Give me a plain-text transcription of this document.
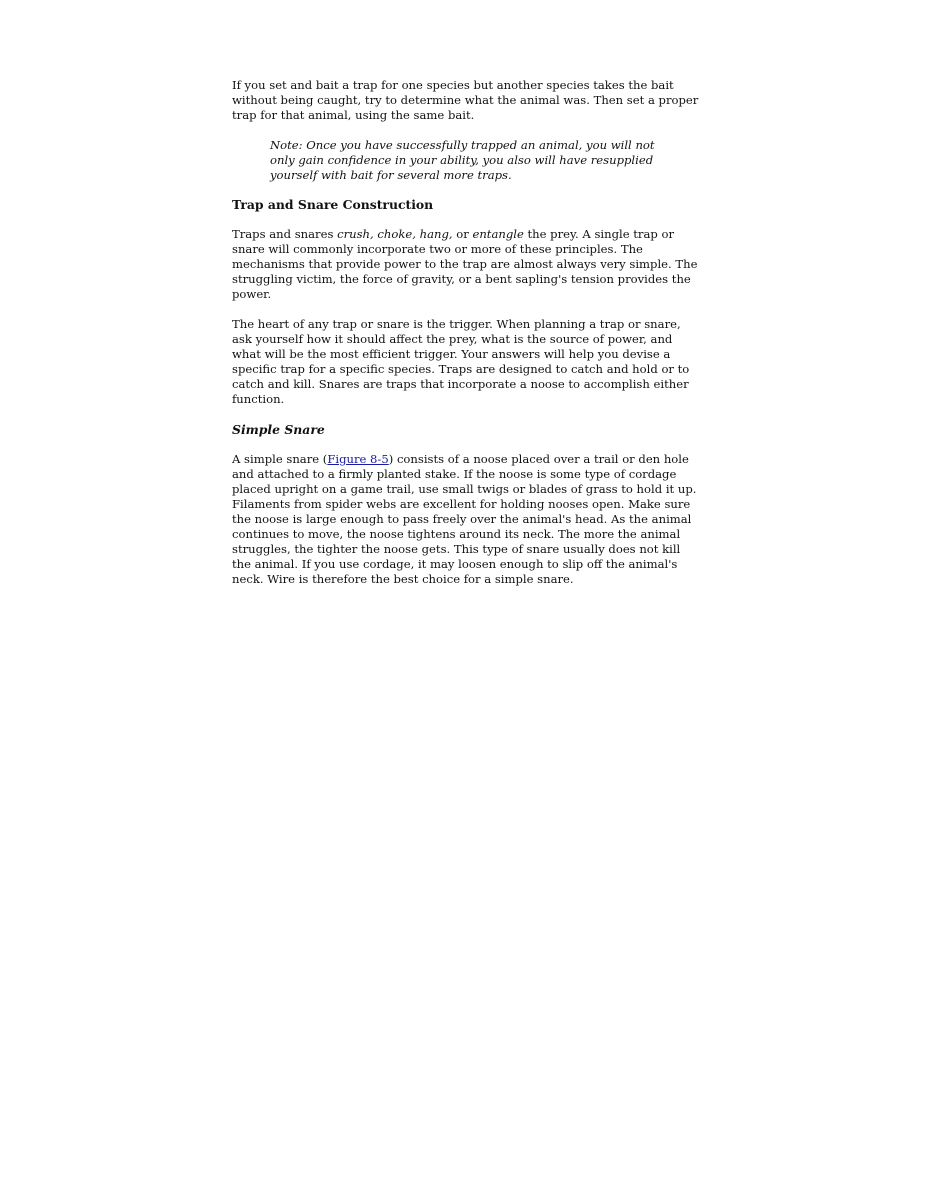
If you set and bait a trap for one species but another species takes the bait without being caught, try to determine what the animal was. Then set a proper trap for that animal, using the same bait.

Note: Once you have successfully trapped an animal, you will not only gain confidence in your ability, you also will have resupplied yourself with bait for several more traps.

Trap and Snare Construction

Traps and snares crush, choke, hang, or entangle the prey. A single trap or snare will commonly incorporate two or more of these principles. The mechanisms that provide power to the trap are almost always very simple. The struggling victim, the force of gravity, or a bent sapling's tension provides the power.

The heart of any trap or snare is the trigger. When planning a trap or snare, ask yourself how it should affect the prey, what is the source of power, and what will be the most efficient trigger. Your answers will help you devise a specific trap for a specific species. Traps are designed to catch and hold or to catch and kill. Snares are traps that incorporate a noose to accomplish either function.

Simple Snare

A simple snare (Figure 8-5) consists of a noose placed over a trail or den hole and attached to a firmly planted stake. If the noose is some type of cordage placed upright on a game trail, use small twigs or blades of grass to hold it up. Filaments from spider webs are excellent for holding nooses open. Make sure the noose is large enough to pass freely over the animal's head. As the animal continues to move, the noose tightens around its neck. The more the animal struggles, the tighter the noose gets. This type of snare usually does not kill the animal. If you use cordage, it may loosen enough to slip off the animal's neck. Wire is therefore the best choice for a simple snare.
